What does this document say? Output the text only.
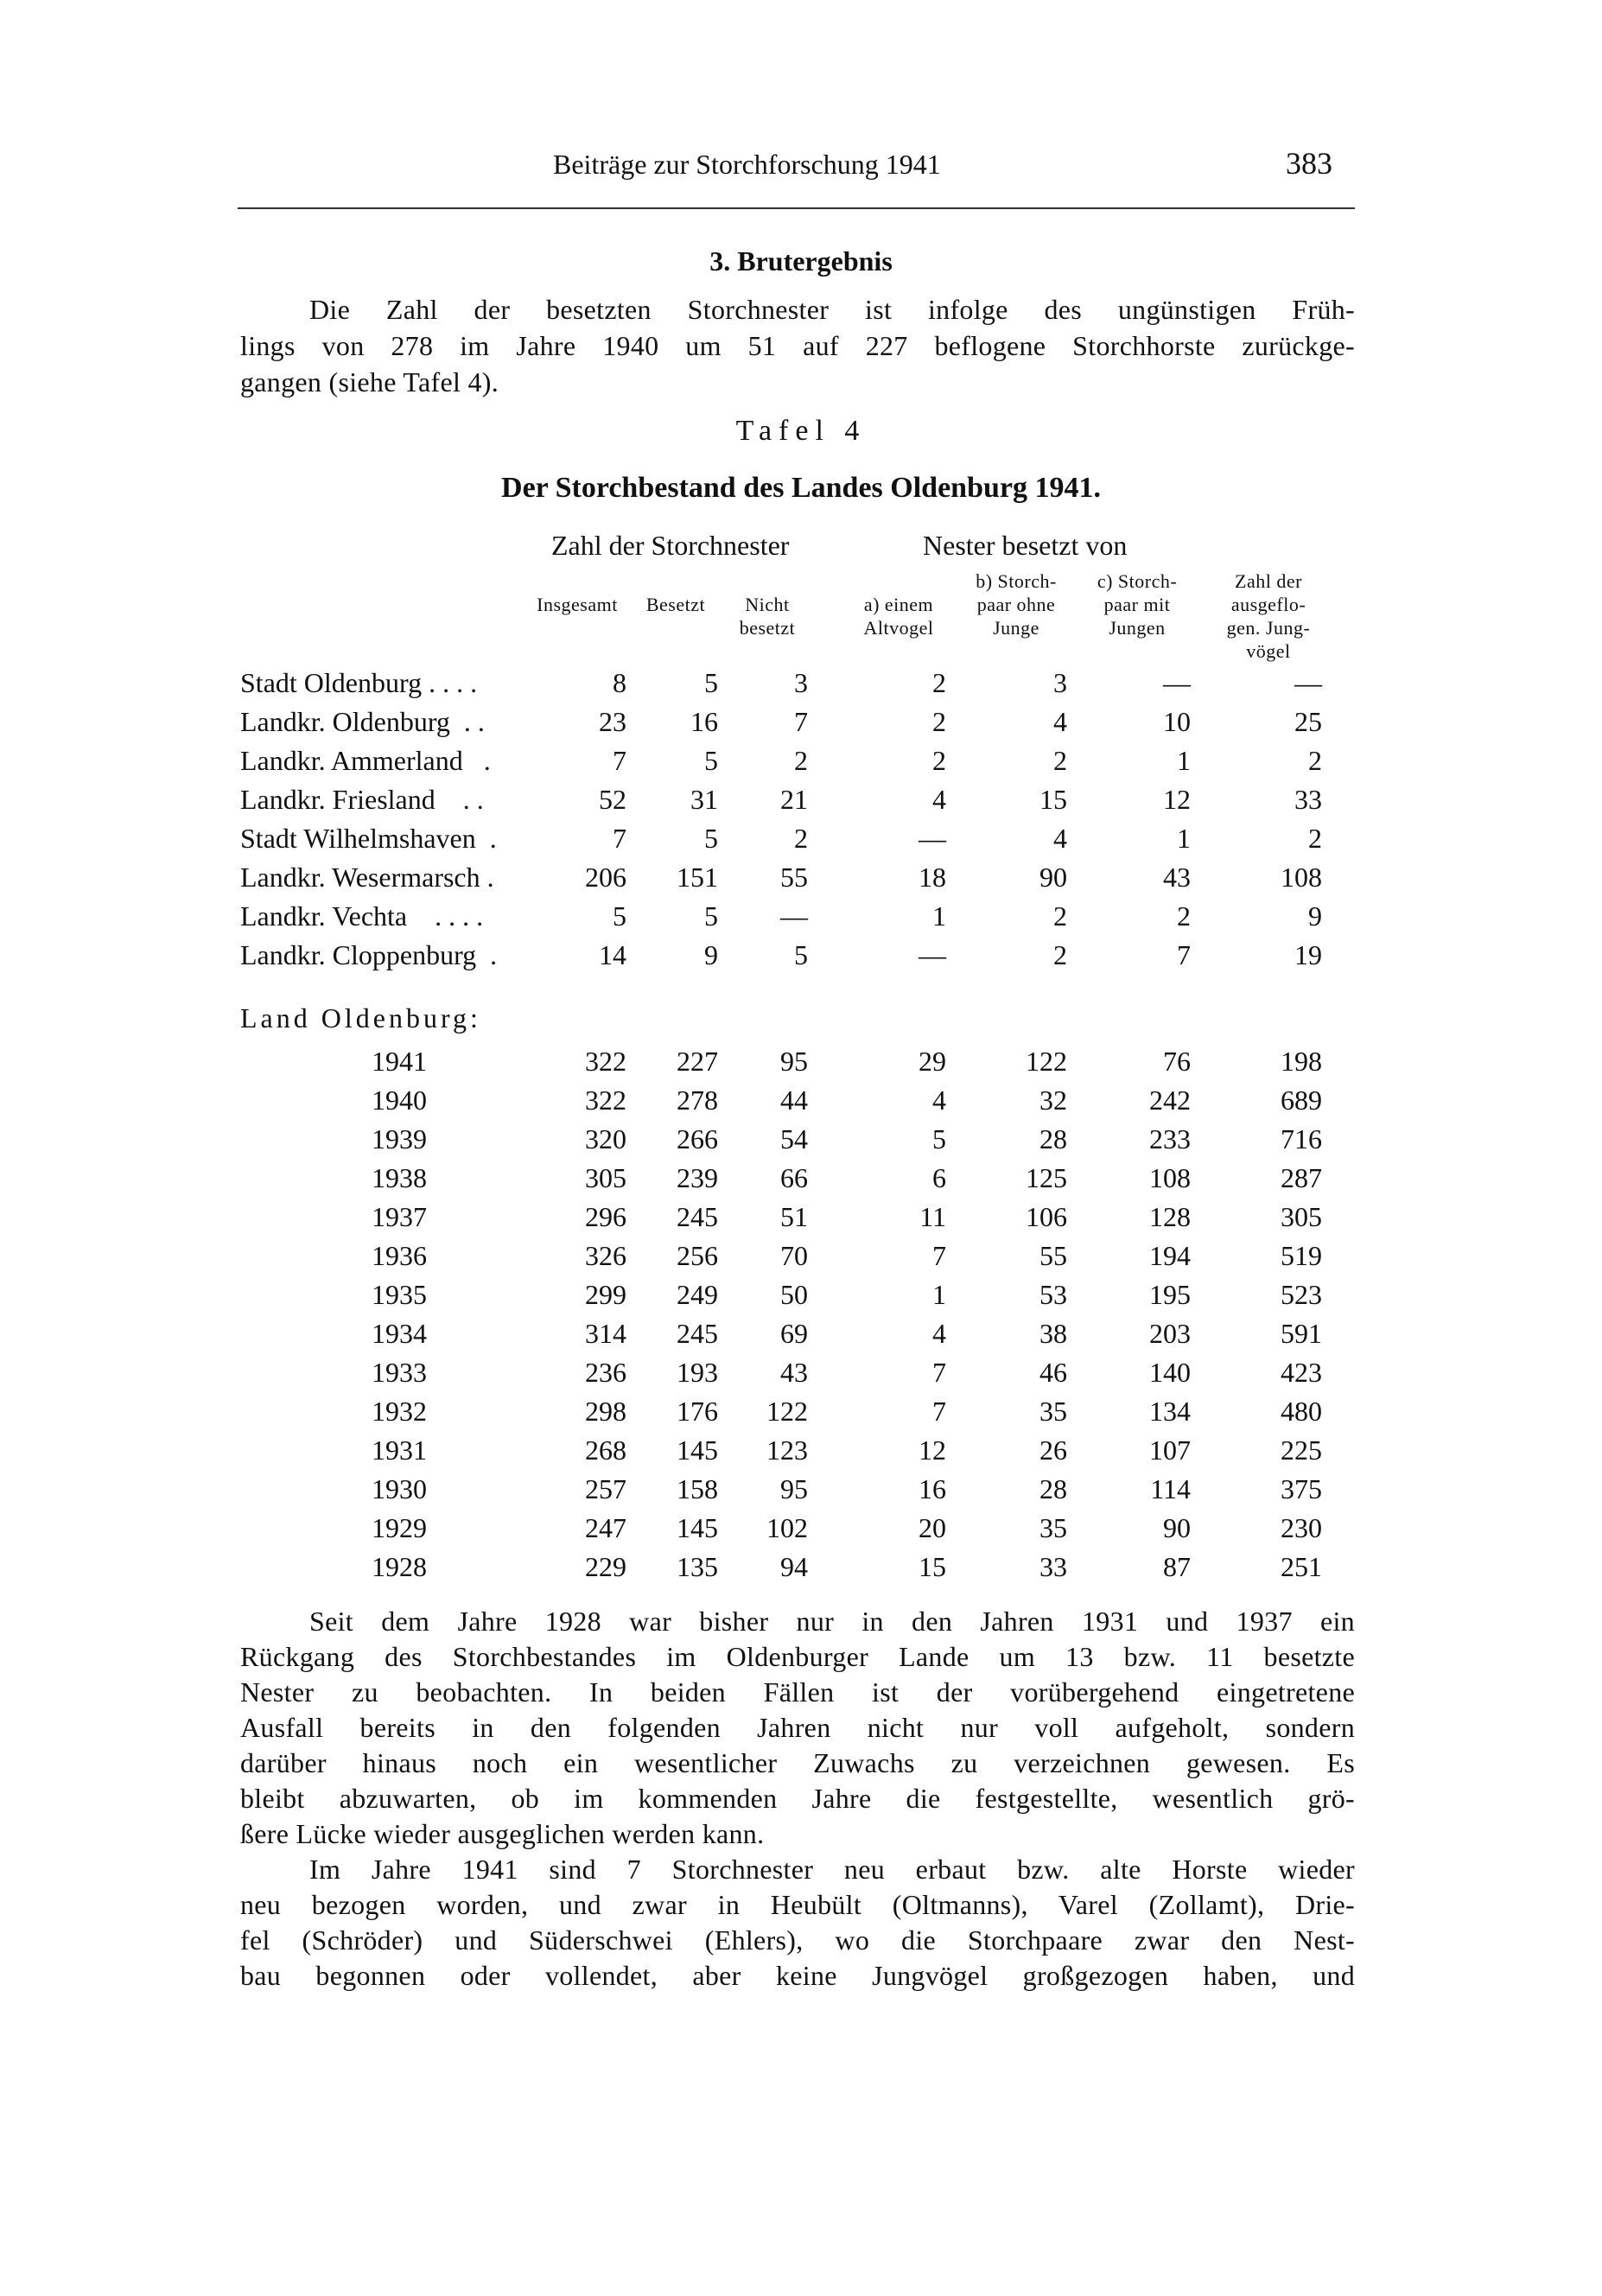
Beiträge zur Storchforschung 1941	383
3. Brutergebnis
Die Zahl der besetzten Storchnester ist infolge des ungünstigen Früh-
lings von 278 im Jahre 1940 um 51 auf 227 beflogene Storchhorste zurückge-
gangen (siehe Tafel 4).
Tafel 4
Der Storchbestand des Landes Oldenburg 1941.
Zahl der Storchnester	Nester besetzt von
Insgesamt	Besetzt	Nicht
besetzt
a) einem
Altvogel
b) Storch-
paar ohne
Junge
c) Storch-
paar mit
Jungen
Zahl der
ausgeflo-
gen. Jung-
vögel
Stadt Oldenburg . . . .	8	5	3	2	3	—	—
Landkr. Oldenburg  . .	23	16	7	2	4	10	25
Landkr. Ammerland   .	7	5	2	2	2	1	2
Landkr. Friesland    . .	52	31	21	4	15	12	33
Stadt Wilhelmshaven  .	7	5	2	—	4	1	2
Landkr. Wesermarsch .	206	151	55	18	90	43	108
Landkr. Vechta    . . . .	5	5	—	1	2	2	9
Landkr. Cloppenburg  .	14	9	5	—	2	7	19
1941	322	227	95	29	122	76	198
1940	322	278	44	4	32	242	689
1939	320	266	54	5	28	233	716
1938	305	239	66	6	125	108	287
1937	296	245	51	11	106	128	305
1936	326	256	70	7	55	194	519
1935	299	249	50	1	53	195	523
1934	314	245	69	4	38	203	591
1933	236	193	43	7	46	140	423
1932	298	176	122	7	35	134	480
1931	268	145	123	12	26	107	225
1930	257	158	95	16	28	114	375
1929	247	145	102	20	35	90	230
1928	229	135	94	15	33	87	251
Land Oldenburg:
Seit dem Jahre 1928 war bisher nur in den Jahren 1931 und 1937 ein
Rückgang des Storchbestandes im Oldenburger Lande um 13 bzw. 11 besetzte
Nester zu beobachten. In beiden Fällen ist der vorübergehend eingetretene
Ausfall bereits in den folgenden Jahren nicht nur voll aufgeholt, sondern
darüber hinaus noch ein wesentlicher Zuwachs zu verzeichnen gewesen. Es
bleibt abzuwarten, ob im kommenden Jahre die festgestellte, wesentlich grö-
ßere Lücke wieder ausgeglichen werden kann.
Im Jahre 1941 sind 7 Storchnester neu erbaut bzw. alte Horste wieder
neu bezogen worden, und zwar in Heubült (Oltmanns), Varel (Zollamt), Drie-
fel (Schröder) und Süderschwei (Ehlers), wo die Storchpaare zwar den Nest-
bau begonnen oder vollendet, aber keine Jungvögel großgezogen haben, und
